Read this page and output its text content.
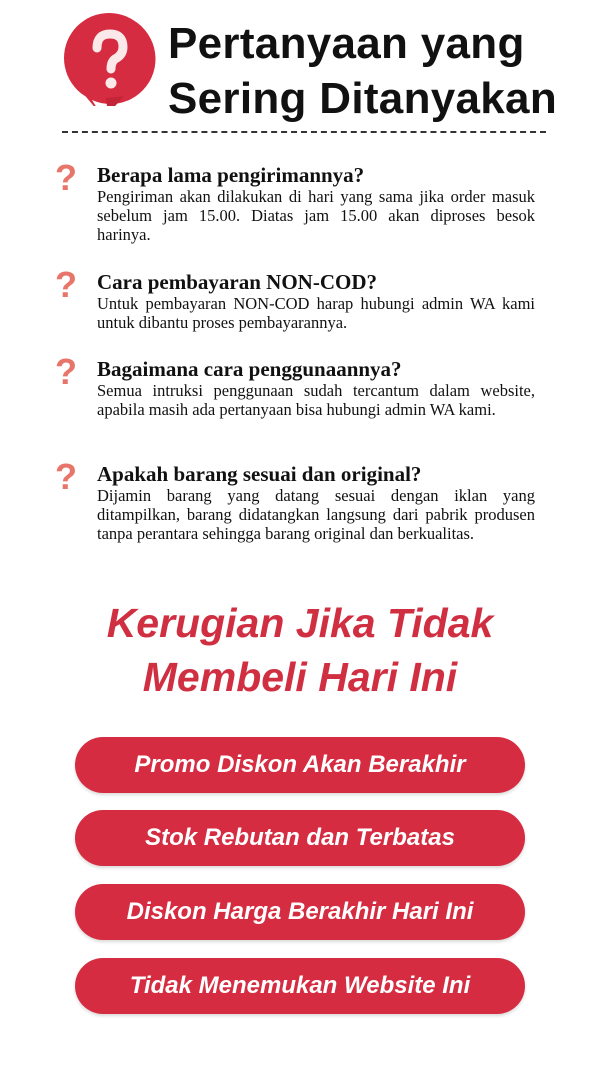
Pertanyaan yang
Sering Ditanyakan
? Berapa lama pengirimannya?
Pengiriman akan dilakukan di hari yang sama jika order masuk sebelum jam 15.00. Diatas jam 15.00 akan diproses besok harinya.
? Cara pembayaran NON-COD?
Untuk pembayaran NON-COD harap hubungi admin WA kami untuk dibantu proses pembayarannya.
? Bagaimana cara penggunaannya?
Semua intruksi penggunaan sudah tercantum dalam website, apabila masih ada pertanyaan bisa hubungi admin WA kami.
? Apakah barang sesuai dan original?
Dijamin barang yang datang sesuai dengan iklan yang ditampilkan, barang didatangkan langsung dari pabrik produsen tanpa perantara sehingga barang original dan berkualitas.
Kerugian Jika Tidak
Membeli Hari Ini
Promo Diskon Akan Berakhir
Stok Rebutan dan Terbatas
Diskon Harga Berakhir Hari Ini
Tidak Menemukan Website Ini
